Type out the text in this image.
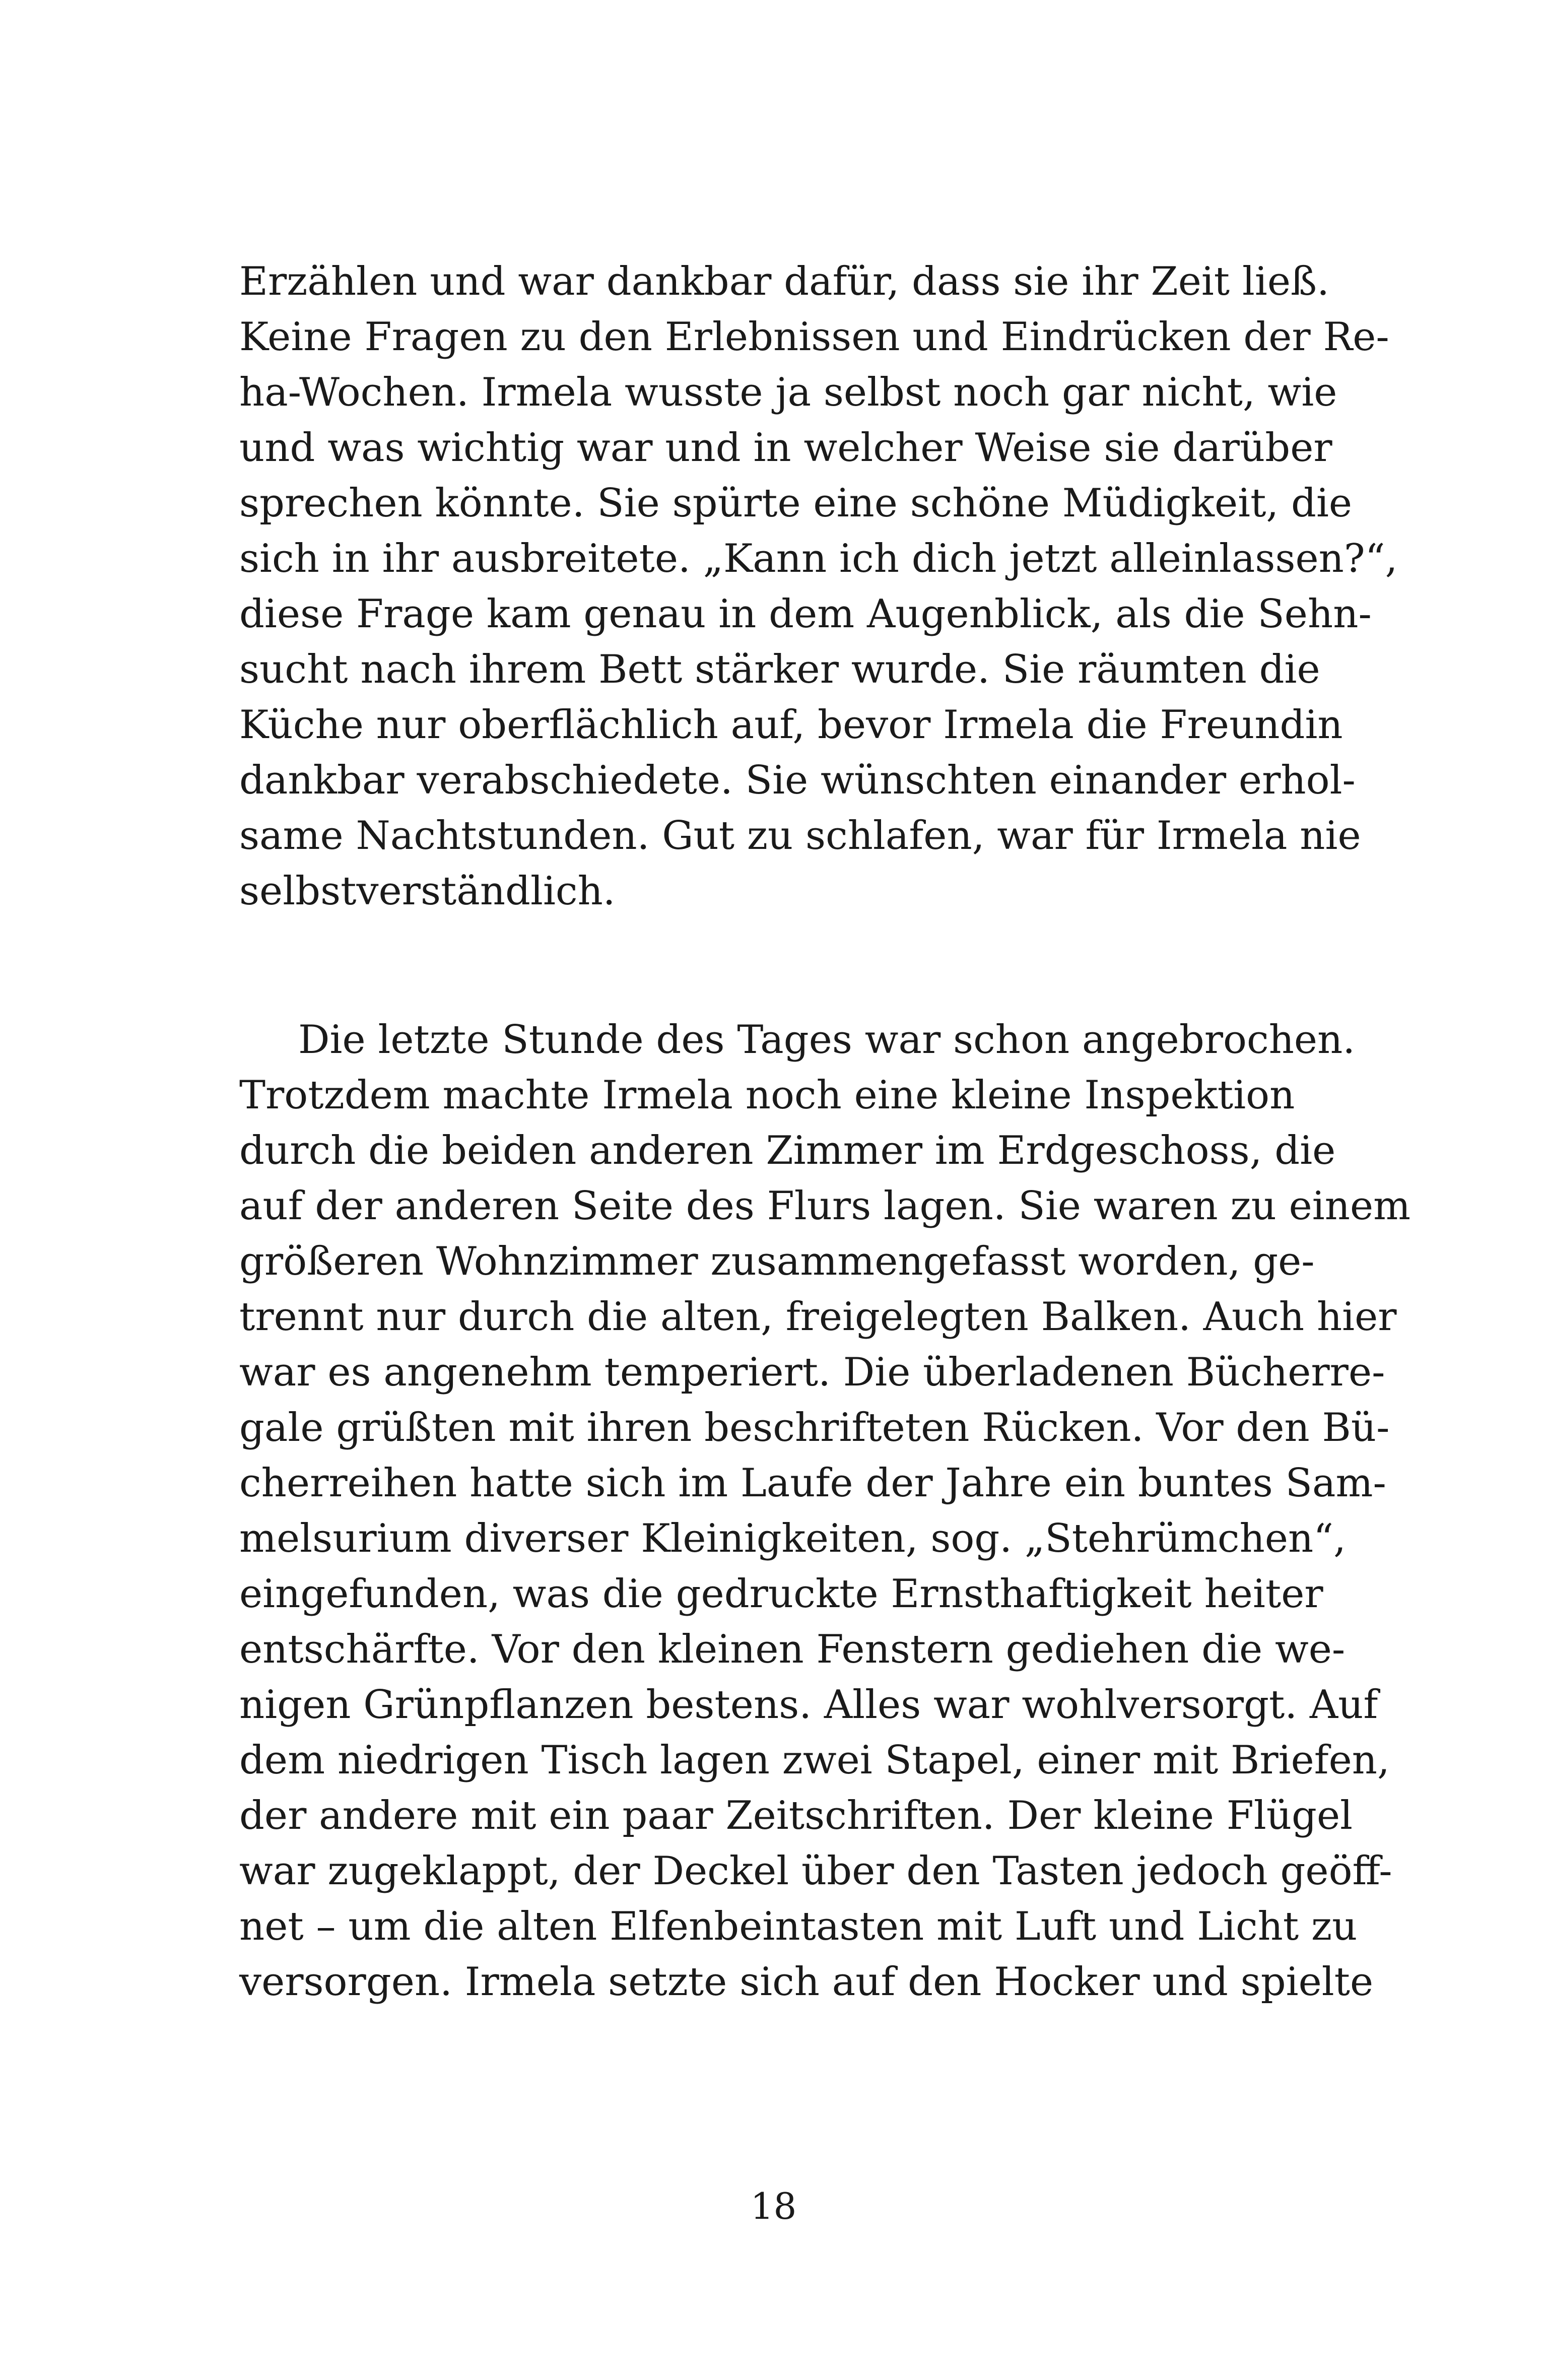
Erzählen und war dankbar dafür, dass sie ihr Zeit ließ.
Keine Fragen zu den Erlebnissen und Eindrücken der Re-
ha-Wochen. Irmela wusste ja selbst noch gar nicht, wie
und was wichtig war und in welcher Weise sie darüber
sprechen könnte. Sie spürte eine schöne Müdigkeit, die
sich in ihr ausbreitete. „Kann ich dich jetzt alleinlassen?“,
diese Frage kam genau in dem Augenblick, als die Sehn-
sucht nach ihrem Bett stärker wurde. Sie räumten die
Küche nur oberflächlich auf, bevor Irmela die Freundin
dankbar verabschiedete. Sie wünschten einander erhol-
same Nachtstunden. Gut zu schlafen, war für Irmela nie
selbstverständlich.
Die letzte Stunde des Tages war schon angebrochen.
Trotzdem machte Irmela noch eine kleine Inspektion
durch die beiden anderen Zimmer im Erdgeschoss, die
auf der anderen Seite des Flurs lagen. Sie waren zu einem
größeren Wohnzimmer zusammengefasst worden, ge-
trennt nur durch die alten, freigelegten Balken. Auch hier
war es angenehm temperiert. Die überladenen Bücherre-
gale grüßten mit ihren beschrifteten Rücken. Vor den Bü-
cherreihen hatte sich im Laufe der Jahre ein buntes Sam-
melsurium diverser Kleinigkeiten, sog. „Stehrümchen“,
eingefunden, was die gedruckte Ernsthaftigkeit heiter
entschärfte. Vor den kleinen Fenstern gediehen die we-
nigen Grünpflanzen bestens. Alles war wohlversorgt. Auf
dem niedrigen Tisch lagen zwei Stapel, einer mit Briefen,
der andere mit ein paar Zeitschriften. Der kleine Flügel
war zugeklappt, der Deckel über den Tasten jedoch geöff-
net – um die alten Elfenbeintasten mit Luft und Licht zu
versorgen. Irmela setzte sich auf den Hocker und spielte
18
